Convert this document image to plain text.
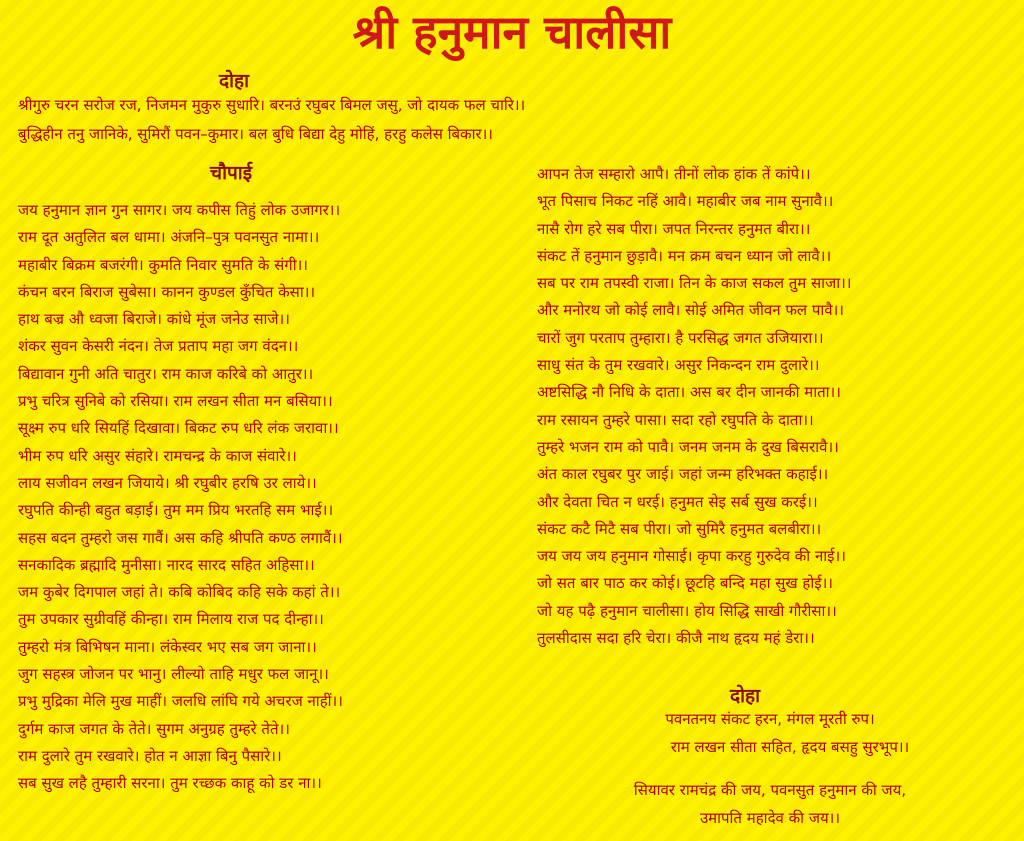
श्री हनुमान चालीसा
दोहा
श्रीगुरु चरन सरोज रज, निजमन मुकुरु सुधारि। बरनउं रघुबर बिमल जसु, जो दायक फल चारि।।
बुद्धिहीन तनु जानिके, सुमिरौं पवन–कुमार। बल बुधि बिद्या देहु मोहिं, हरहु कलेस बिकार।।
चौपाई
जय हनुमान ज्ञान गुन सागर। जय कपीस तिहुं लोक उजागर।।
राम दूत अतुलित बल धामा। अंजनि–पुत्र पवनसुत नामा।।
महाबीर बिक्रम बजरंगी। कुमति निवार सुमति के संगी।।
कंचन बरन बिराज सुबेसा। कानन कुण्डल कुँचित केसा।।
हाथ बज्र औ ध्वजा बिराजे। कांधे मूंज जनेउ साजे।।
शंकर सुवन केसरी नंदन। तेज प्रताप महा जग वंदन।।
बिद्यावान गुनी अति चातुर। राम काज करिबे को आतुर।।
प्रभु चरित्र सुनिबे को रसिया। राम लखन सीता मन बसिया।।
सूक्ष्म रुप धरि सियहिं दिखावा। बिकट रुप धरि लंक जरावा।।
भीम रुप धरि असुर संहारे। रामचन्द्र के काज संवारे।।
लाय सजीवन लखन जियाये। श्री रघुबीर हरषि उर लाये।।
रघुपति कीन्ही बहुत बड़ाई। तुम मम प्रिय भरतहि सम भाई।।
सहस बदन तुम्हरो जस गावैं। अस कहि श्रीपति कण्ठ लगावैं।।
सनकादिक ब्रह्मादि मुनीसा। नारद सारद सहित अहिसा।।
जम कुबेर दिगपाल जहां ते। कबि कोबिद कहि सके कहां ते।।
तुम उपकार सुग्रीवहिं कीन्हा। राम मिलाय राज पद दीन्हा।।
तुम्हरो मंत्र बिभिषन माना। लंकेस्वर भए सब जग जाना।।
जुग सहस्त्र जोजन पर भानु। लील्यो ताहि मधुर फल जानू।।
प्रभु मुद्रिका मेलि मुख माहीं। जलधि लांघि गये अचरज नाहीं।।
दुर्गम काज जगत के तेते। सुगम अनुग्रह तुम्हरे तेते।।
राम दुलारे तुम रखवारे। होत न आज्ञा बिनु पैसारे।।
सब सुख लहै तुम्हारी सरना। तुम रच्छक काहू को डर ना।।
आपन तेज सम्हारो आपै। तीनों लोक हांक तें कांपे।।
भूत पिसाच निकट नहिं आवै। महाबीर जब नाम सुनावै।।
नासै रोग हरे सब पीरा। जपत निरन्तर हनुमत बीरा।।
संकट तें हनुमान छुड़ावै। मन क्रम बचन ध्यान जो लावै।।
सब पर राम तपस्वी राजा। तिन के काज सकल तुम साजा।।
और मनोरथ जो कोई लावै। सोई अमित जीवन फल पावै।।
चारों जुग परताप तुम्हारा। है परसिद्ध जगत उजियारा।।
साधु संत के तुम रखवारे। असुर निकन्दन राम दुलारे।।
अष्टसिद्धि नौ निधि के दाता। अस बर दीन जानकी माता।।
राम रसायन तुम्हरे पासा। सदा रहो रघुपति के दाता।।
तुम्हरे भजन राम को पावै। जनम जनम के दुख बिसरावै।।
अंत काल रघुबर पुर जाई। जहां जन्म हरिभक्त कहाई।।
और देवता चित न धरई। हनुमत सेइ सर्ब सुख करई।।
संकट कटै मिटै सब पीरा। जो सुमिरै हनुमत बलबीरा।।
जय जय जय हनुमान गोसाई। कृपा करहु गुरुदेव की नाई।।
जो सत बार पाठ कर कोई। छूटहि बन्दि महा सुख होई।।
जो यह पढ़ै हनुमान चालीसा। होय सिद्धि साखी गौरीसा।।
तुलसीदास सदा हरि चेरा। कीजै नाथ हृदय महं डेरा।।
दोहा
पवनतनय संकट हरन, मंगल मूरती रुप।
राम लखन सीता सहित, हृदय बसहु सुरभूप।।
सियावर रामचंद्र की जय, पवनसुत हनुमान की जय,
उमापति महादेव की जय।।
